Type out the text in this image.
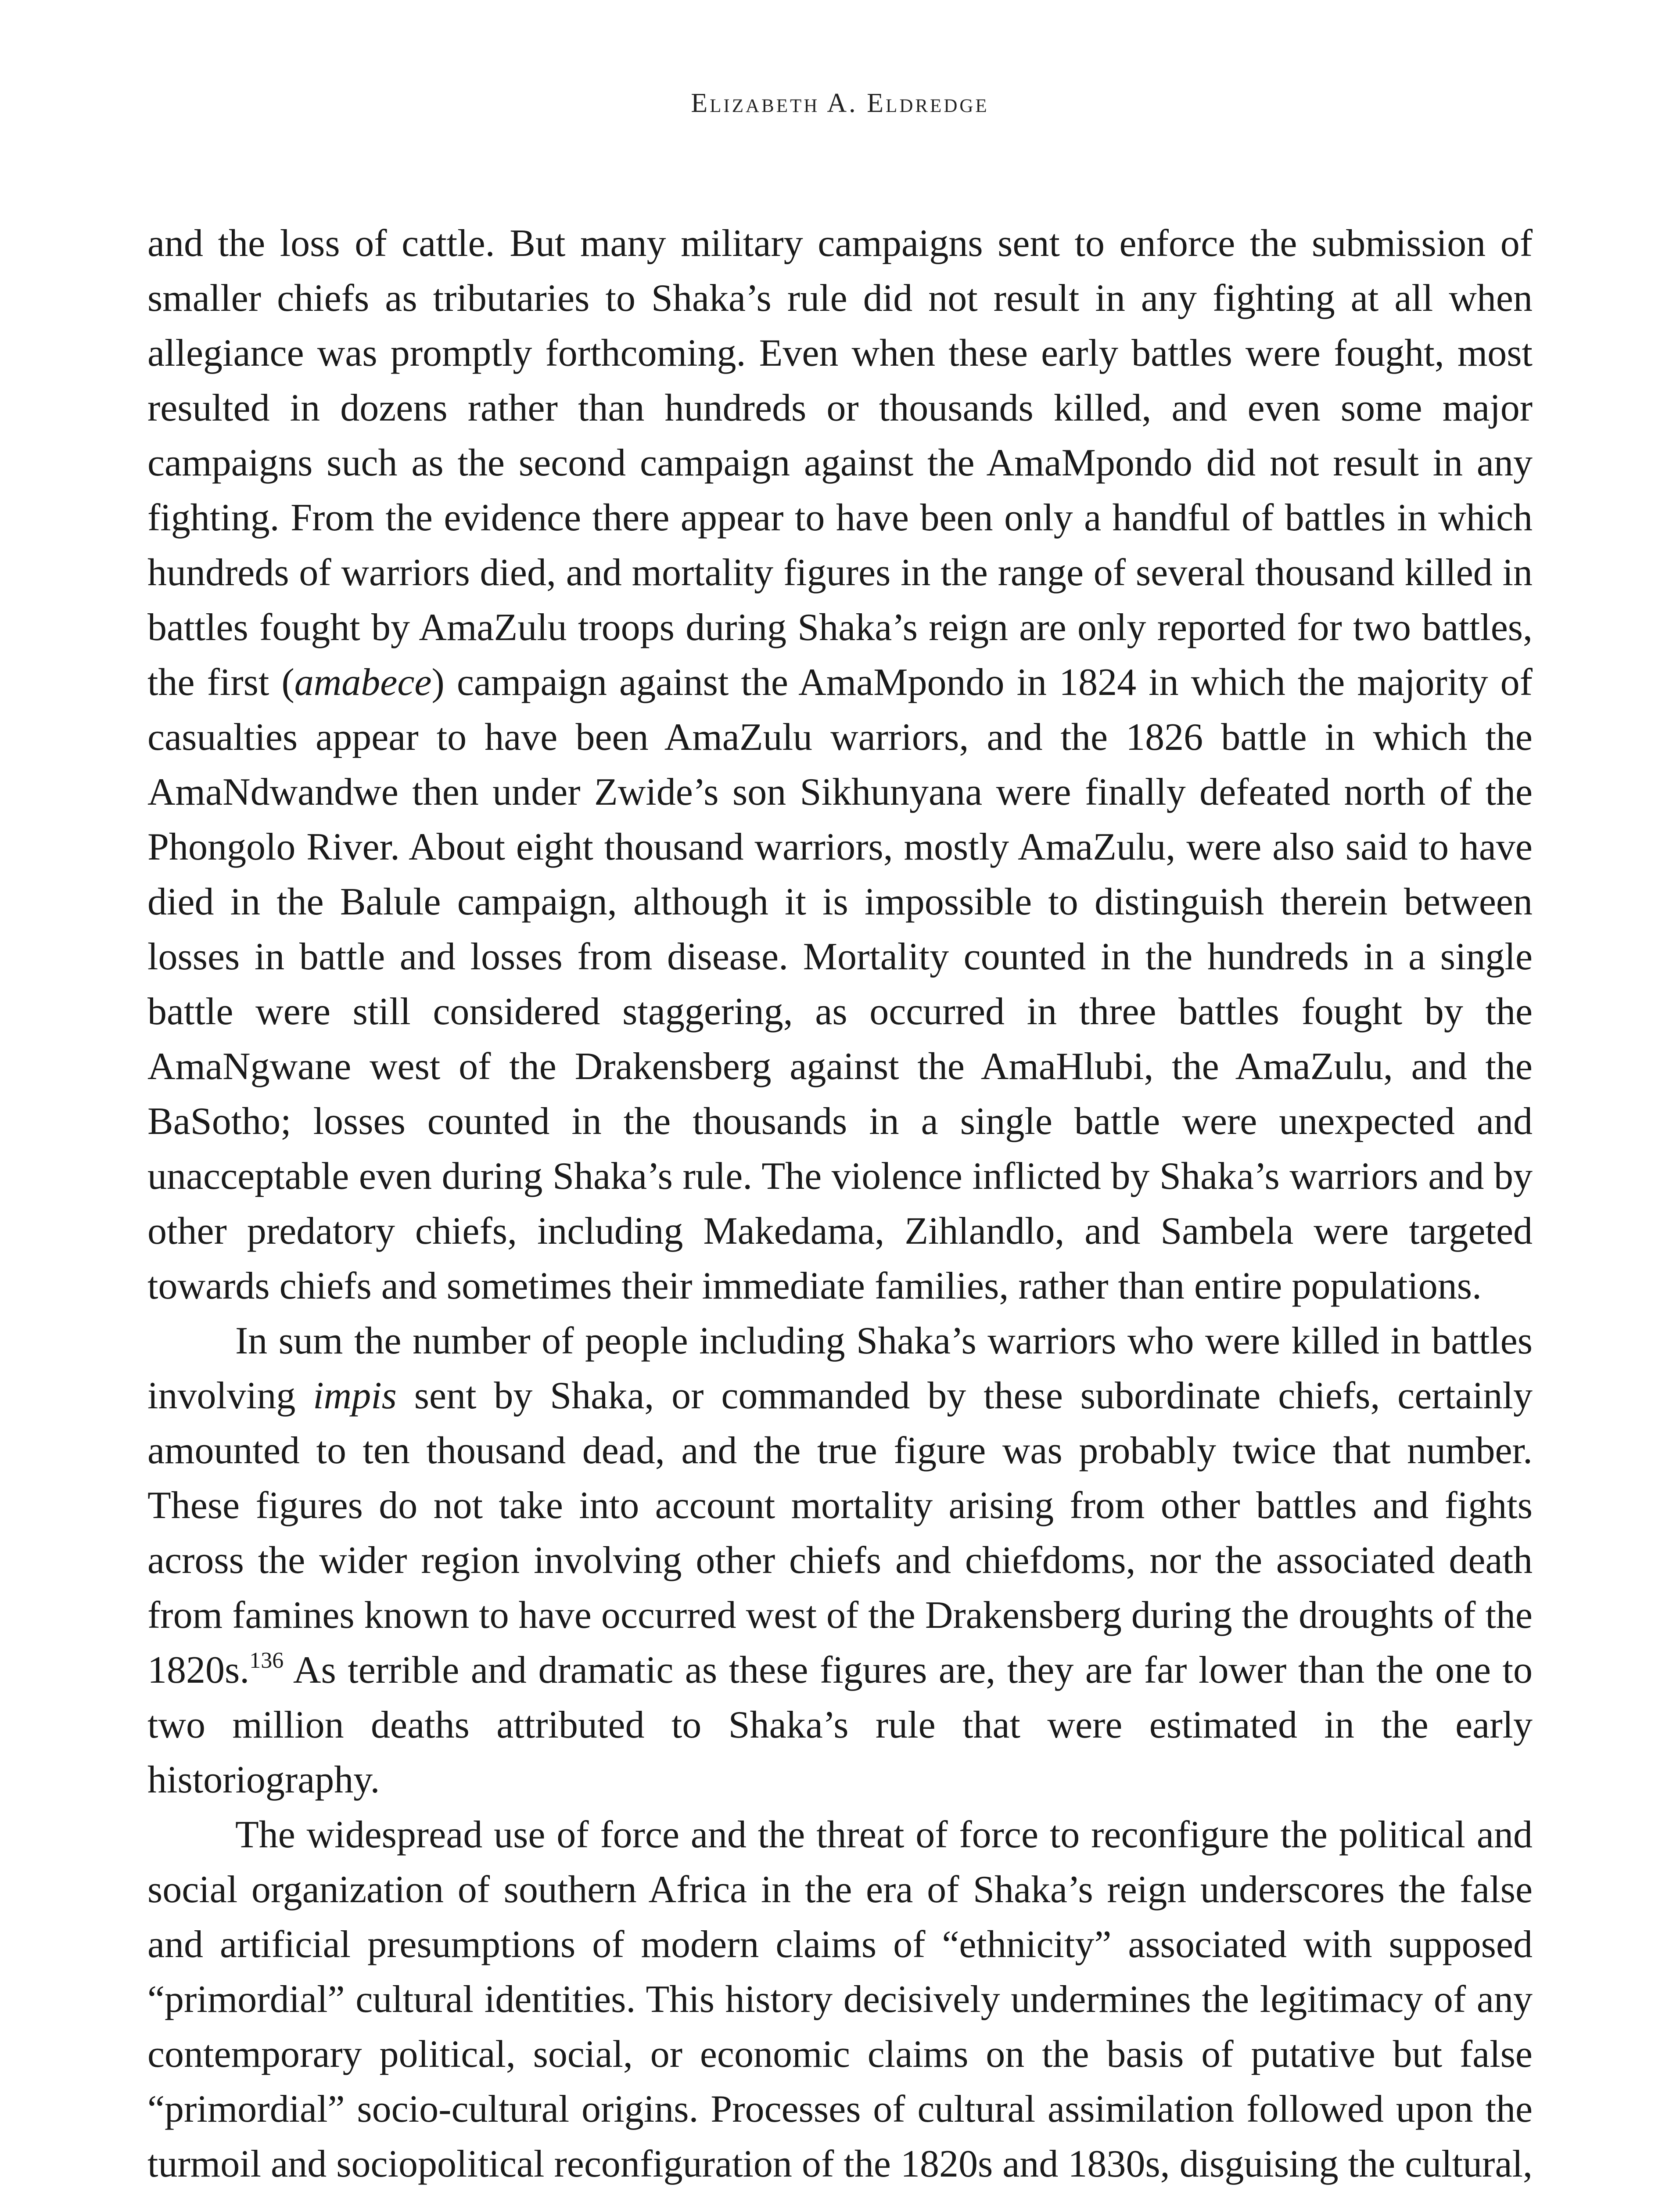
Elizabeth A. Eldredge

and the loss of cattle. But many military campaigns sent to enforce the submission of smaller chiefs as tributaries to Shaka’s rule did not result in any fighting at all when allegiance was promptly forthcoming. Even when these early battles were fought, most resulted in dozens rather than hundreds or thousands killed, and even some major campaigns such as the second campaign against the AmaMpondo did not result in any fighting. From the evidence there appear to have been only a handful of battles in which hundreds of warriors died, and mortality figures in the range of several thousand killed in battles fought by AmaZulu troops during Shaka’s reign are only reported for two battles, the first (amabece) campaign against the AmaMpondo in 1824 in which the majority of casualties appear to have been AmaZulu warriors, and the 1826 battle in which the AmaNdwandwe then under Zwide’s son Sikhunyana were finally defeated north of the Phongolo River. About eight thousand warriors, mostly AmaZulu, were also said to have died in the Balule campaign, although it is impossible to distinguish therein between losses in battle and losses from disease. Mortality counted in the hundreds in a single battle were still considered staggering, as occurred in three battles fought by the AmaNgwane west of the Drakensberg against the AmaHlubi, the AmaZulu, and the BaSotho; losses counted in the thousands in a single battle were unexpected and unacceptable even during Shaka’s rule. The violence inflicted by Shaka’s warriors and by other predatory chiefs, including Makedama, Zihlandlo, and Sambela were targeted towards chiefs and sometimes their immediate families, rather than entire populations.

In sum the number of people including Shaka’s warriors who were killed in battles involving impis sent by Shaka, or commanded by these subordinate chiefs, certainly amounted to ten thousand dead, and the true figure was probably twice that number. These figures do not take into account mortality arising from other battles and fights across the wider region involving other chiefs and chiefdoms, nor the associated death from famines known to have occurred west of the Drakensberg during the droughts of the 1820s.$^{136}$ As terrible and dramatic as these figures are, they are far lower than the one to two million deaths attributed to Shaka’s rule that were estimated in the early historiography.

The widespread use of force and the threat of force to reconfigure the political and social organization of southern Africa in the era of Shaka’s reign underscores the false and artificial presumptions of modern claims of “ethnicity” associated with supposed “primordial” cultural identities. This history decisively undermines the legitimacy of any contemporary political, social, or economic claims on the basis of putative but false “primordial” socio-cultural origins. Processes of cultural assimilation followed upon the turmoil and sociopolitical reconfiguration of the 1820s and 1830s, disguising the cultural,
